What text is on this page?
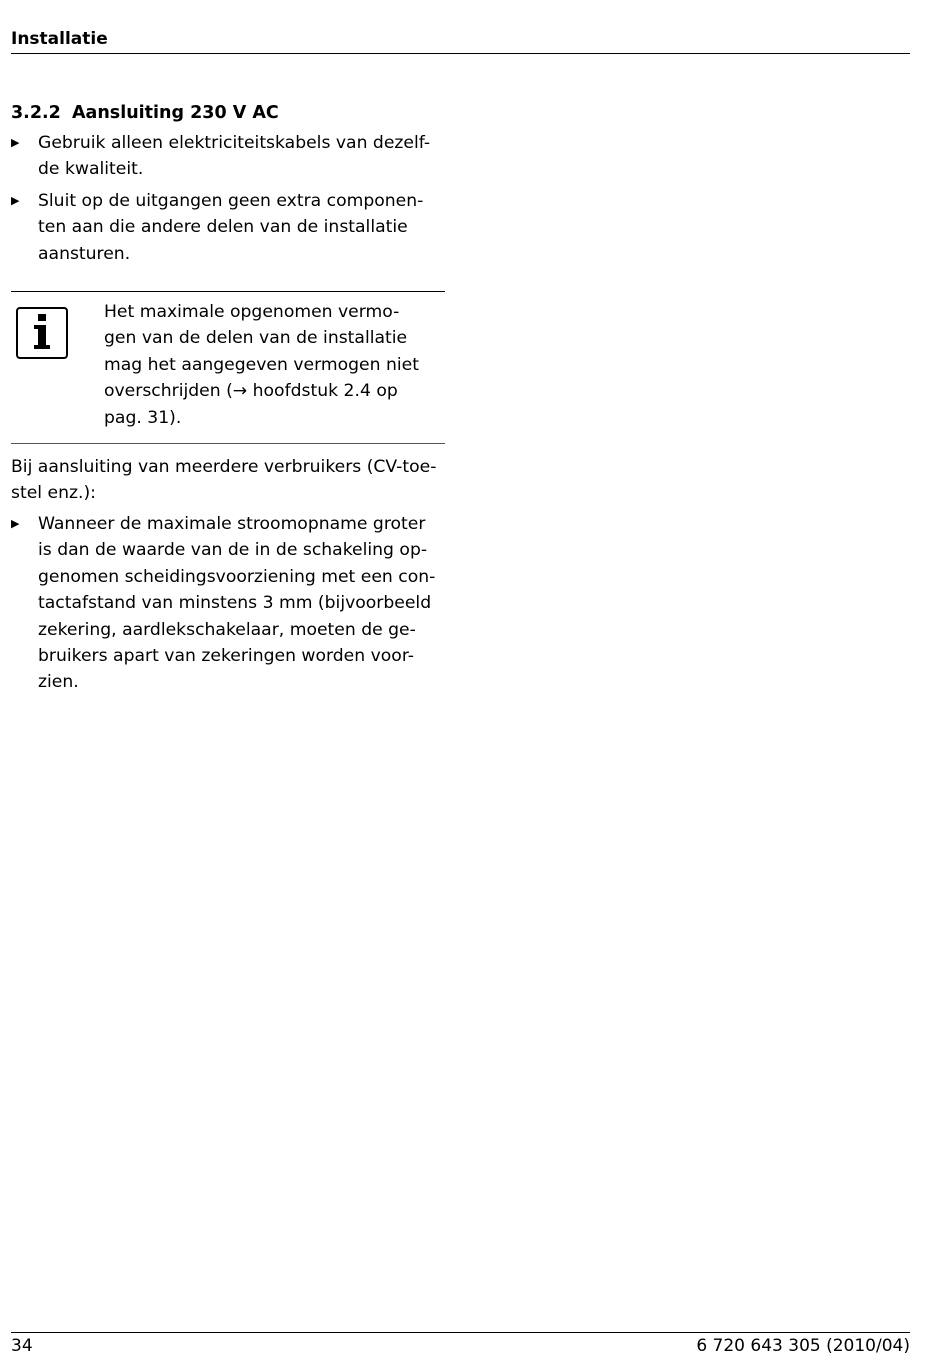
Installatie
3.2.2 Aansluiting 230 V AC
▶ Gebruik alleen elektriciteitskabels van dezelf-
de kwaliteit.
▶ Sluit op de uitgangen geen extra componen-
ten aan die andere delen van de installatie
aansturen.
Het maximale opgenomen vermo-
gen van de delen van de installatie
mag het aangegeven vermogen niet
overschrijden (→ hoofdstuk 2.4 op
pag. 31).
Bij aansluiting van meerdere verbruikers (CV-toe-
stel enz.):
▶ Wanneer de maximale stroomopname groter
is dan de waarde van de in de schakeling op-
genomen scheidingsvoorziening met een con-
tactafstand van minstens 3 mm (bijvoorbeeld
zekering, aardlekschakelaar, moeten de ge-
bruikers apart van zekeringen worden voor-
zien.
34	6 720 643 305 (2010/04)
